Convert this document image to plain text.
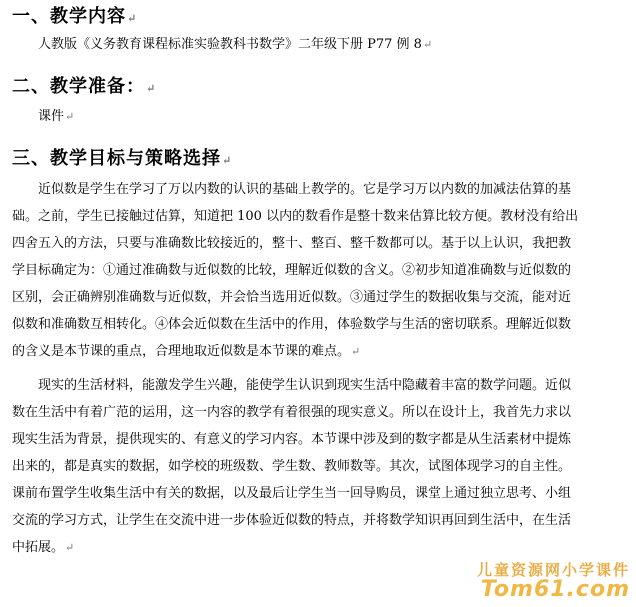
一、教学内容↵
人教版《义务教育课程标准实验教科书数学》二年级下册 P77 例 8↵
二、教学准备：↵
课件↵
三、教学目标与策略选择↵
近似数是学生在学习了万以内数的认识的基础上教学的。它是学习万以内数的加减法估算的基
础。之前，学生已接触过估算，知道把 100 以内的数看作是整十数来估算比较方便。教材没有给出
四舍五入的方法，只要与准确数比较接近的，整十、整百、整千数都可以。基于以上认识，我把教
学目标确定为：①通过准确数与近似数的比较，理解近似数的含义。②初步知道准确数与近似数的
区别，会正确辨别准确数与近似数，并会恰当选用近似数。③通过学生的数据收集与交流，能对近
似数和准确数互相转化。④体会近似数在生活中的作用，体验数学与生活的密切联系。理解近似数
的含义是本节课的重点，合理地取近似数是本节课的难点。↵
现实的生活材料，能激发学生兴趣，能使学生认识到现实生活中隐藏着丰富的数学问题。近似
数在生活中有着广范的运用，这一内容的教学有着很强的现实意义。所以在设计上，我首先力求以
现实生活为背景，提供现实的、有意义的学习内容。本节课中涉及到的数字都是从生活素材中提炼
出来的，都是真实的数据，如学校的班级数、学生数、教师数等。其次，试图体现学习的自主性。
课前布置学生收集生活中有关的数据，以及最后让学生当一回导购员，课堂上通过独立思考、小组
交流的学习方式，让学生在交流中进一步体验近似数的特点，并将数学知识再回到生活中，在生活
中拓展。↵
儿童资源网小学课件
Tom61.com
